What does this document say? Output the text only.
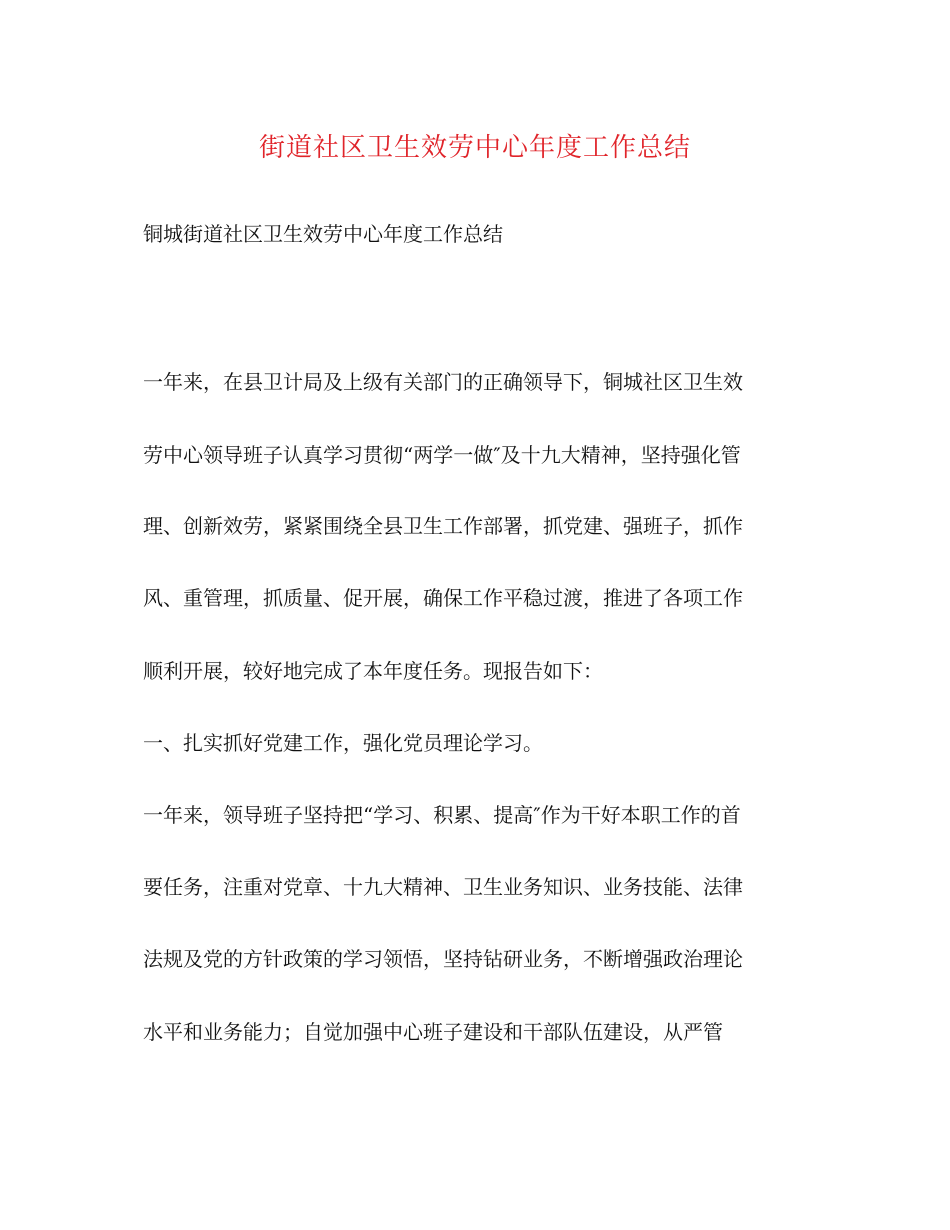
街道社区卫生效劳中心年度工作总结
铜城街道社区卫生效劳中心年度工作总结
一年来，在县卫计局及上级有关部门的正确领导下，铜城社区卫生效
劳中心领导班子认真学习贯彻“两学一做″及十九大精神，坚持强化管
理、创新效劳，紧紧围绕全县卫生工作部署，抓党建、强班子，抓作
风、重管理，抓质量、促开展，确保工作平稳过渡，推进了各项工作
顺利开展，较好地完成了本年度任务。现报告如下：
一、扎实抓好党建工作，强化党员理论学习。
一年来，领导班子坚持把“学习、积累、提高″作为干好本职工作的首
要任务，注重对党章、十九大精神、卫生业务知识、业务技能、法律
法规及党的方针政策的学习领悟，坚持钻研业务，不断增强政治理论
水平和业务能力；自觉加强中心班子建设和干部队伍建设，从严管
